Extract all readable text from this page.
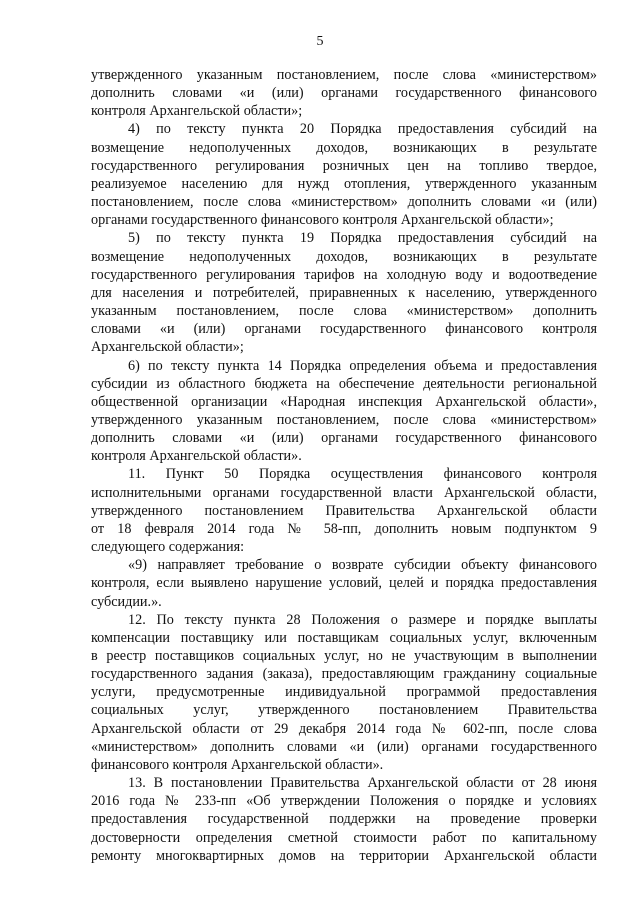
5
утвержденного указанным постановлением, после слова «министерством»
дополнить словами «и (или) органами государственного финансового
контроля Архангельской области»;
4) по тексту пункта 20 Порядка предоставления субсидий на
возмещение недополученных доходов, возникающих в результате
государственного регулирования розничных цен на топливо твердое,
реализуемое населению для нужд отопления, утвержденного указанным
постановлением, после слова «министерством» дополнить словами «и (или)
органами государственного финансового контроля Архангельской области»;
5) по тексту пункта 19 Порядка предоставления субсидий на
возмещение недополученных доходов, возникающих в результате
государственного регулирования тарифов на холодную воду и водоотведение
для населения и потребителей, приравненных к населению, утвержденного
указанным постановлением, после слова «министерством» дополнить
словами «и (или) органами государственного финансового контроля
Архангельской области»;
6) по тексту пункта 14 Порядка определения объема и предоставления
субсидии из областного бюджета на обеспечение деятельности региональной
общественной организации «Народная инспекция Архангельской области»,
утвержденного указанным постановлением, после слова «министерством»
дополнить словами «и (или) органами государственного финансового
контроля Архангельской области».
11. Пункт 50 Порядка осуществления финансового контроля
исполнительными органами государственной власти Архангельской области,
утвержденного постановлением Правительства Архангельской области
от 18 февраля 2014 года № 58-пп, дополнить новым подпунктом 9
следующего содержания:
«9) направляет требование о возврате субсидии объекту финансового
контроля, если выявлено нарушение условий, целей и порядка предоставления
субсидии.».
12. По тексту пункта 28 Положения о размере и порядке выплаты
компенсации поставщику или поставщикам социальных услуг, включенным
в реестр поставщиков социальных услуг, но не участвующим в выполнении
государственного задания (заказа), предоставляющим гражданину социальные
услуги, предусмотренные индивидуальной программой предоставления
социальных услуг, утвержденного постановлением Правительства
Архангельской области от 29 декабря 2014 года № 602-пп, после слова
«министерством» дополнить словами «и (или) органами государственного
финансового контроля Архангельской области».
13. В постановлении Правительства Архангельской области от 28 июня
2016 года № 233-пп «Об утверждении Положения о порядке и условиях
предоставления государственной поддержки на проведение проверки
достоверности определения сметной стоимости работ по капитальному
ремонту многоквартирных домов на территории Архангельской области
